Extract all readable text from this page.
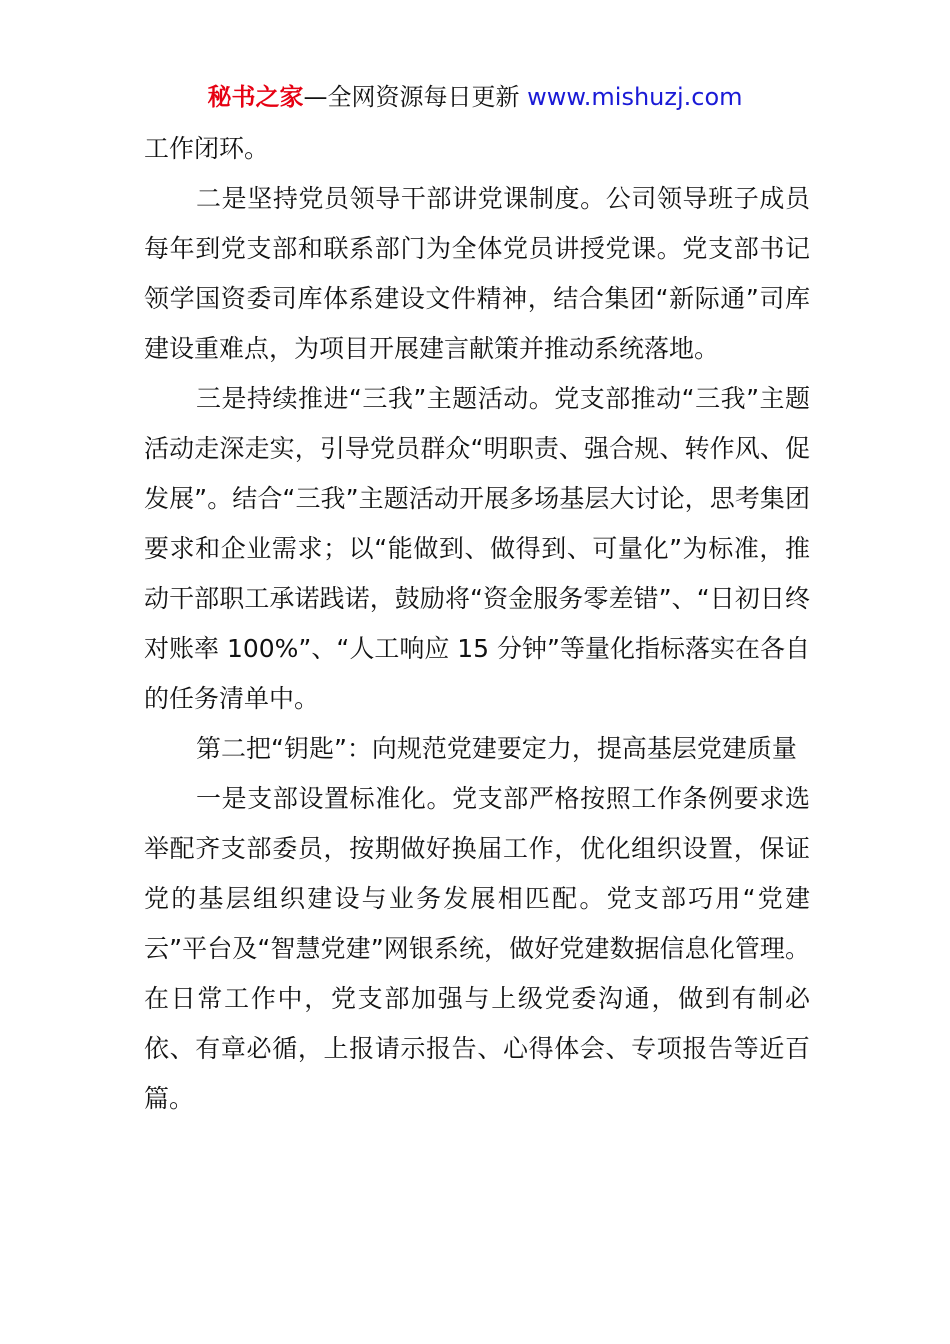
秘书之家—全网资源每日更新 www.mishuzj.com

工作闭环。

二是坚持党员领导干部讲党课制度。公司领导班子成员每年到党支部和联系部门为全体党员讲授党课。党支部书记领学国资委司库体系建设文件精神，结合集团“新际通”司库建设重难点，为项目开展建言献策并推动系统落地。

三是持续推进“三我”主题活动。党支部推动“三我”主题活动走深走实，引导党员群众“明职责、强合规、转作风、促发展”。结合“三我”主题活动开展多场基层大讨论，思考集团要求和企业需求；以“能做到、做得到、可量化”为标准，推动干部职工承诺践诺，鼓励将“资金服务零差错”、“日初日终对账率 100%”、“人工响应 15 分钟”等量化指标落实在各自的任务清单中。

第二把“钥匙”：向规范党建要定力，提高基层党建质量

一是支部设置标准化。党支部严格按照工作条例要求选举配齐支部委员，按期做好换届工作，优化组织设置，保证党的基层组织建设与业务发展相匹配。党支部巧用“党建云”平台及“智慧党建”网银系统，做好党建数据信息化管理。在日常工作中，党支部加强与上级党委沟通，做到有制必依、有章必循，上报请示报告、心得体会、专项报告等近百篇。
